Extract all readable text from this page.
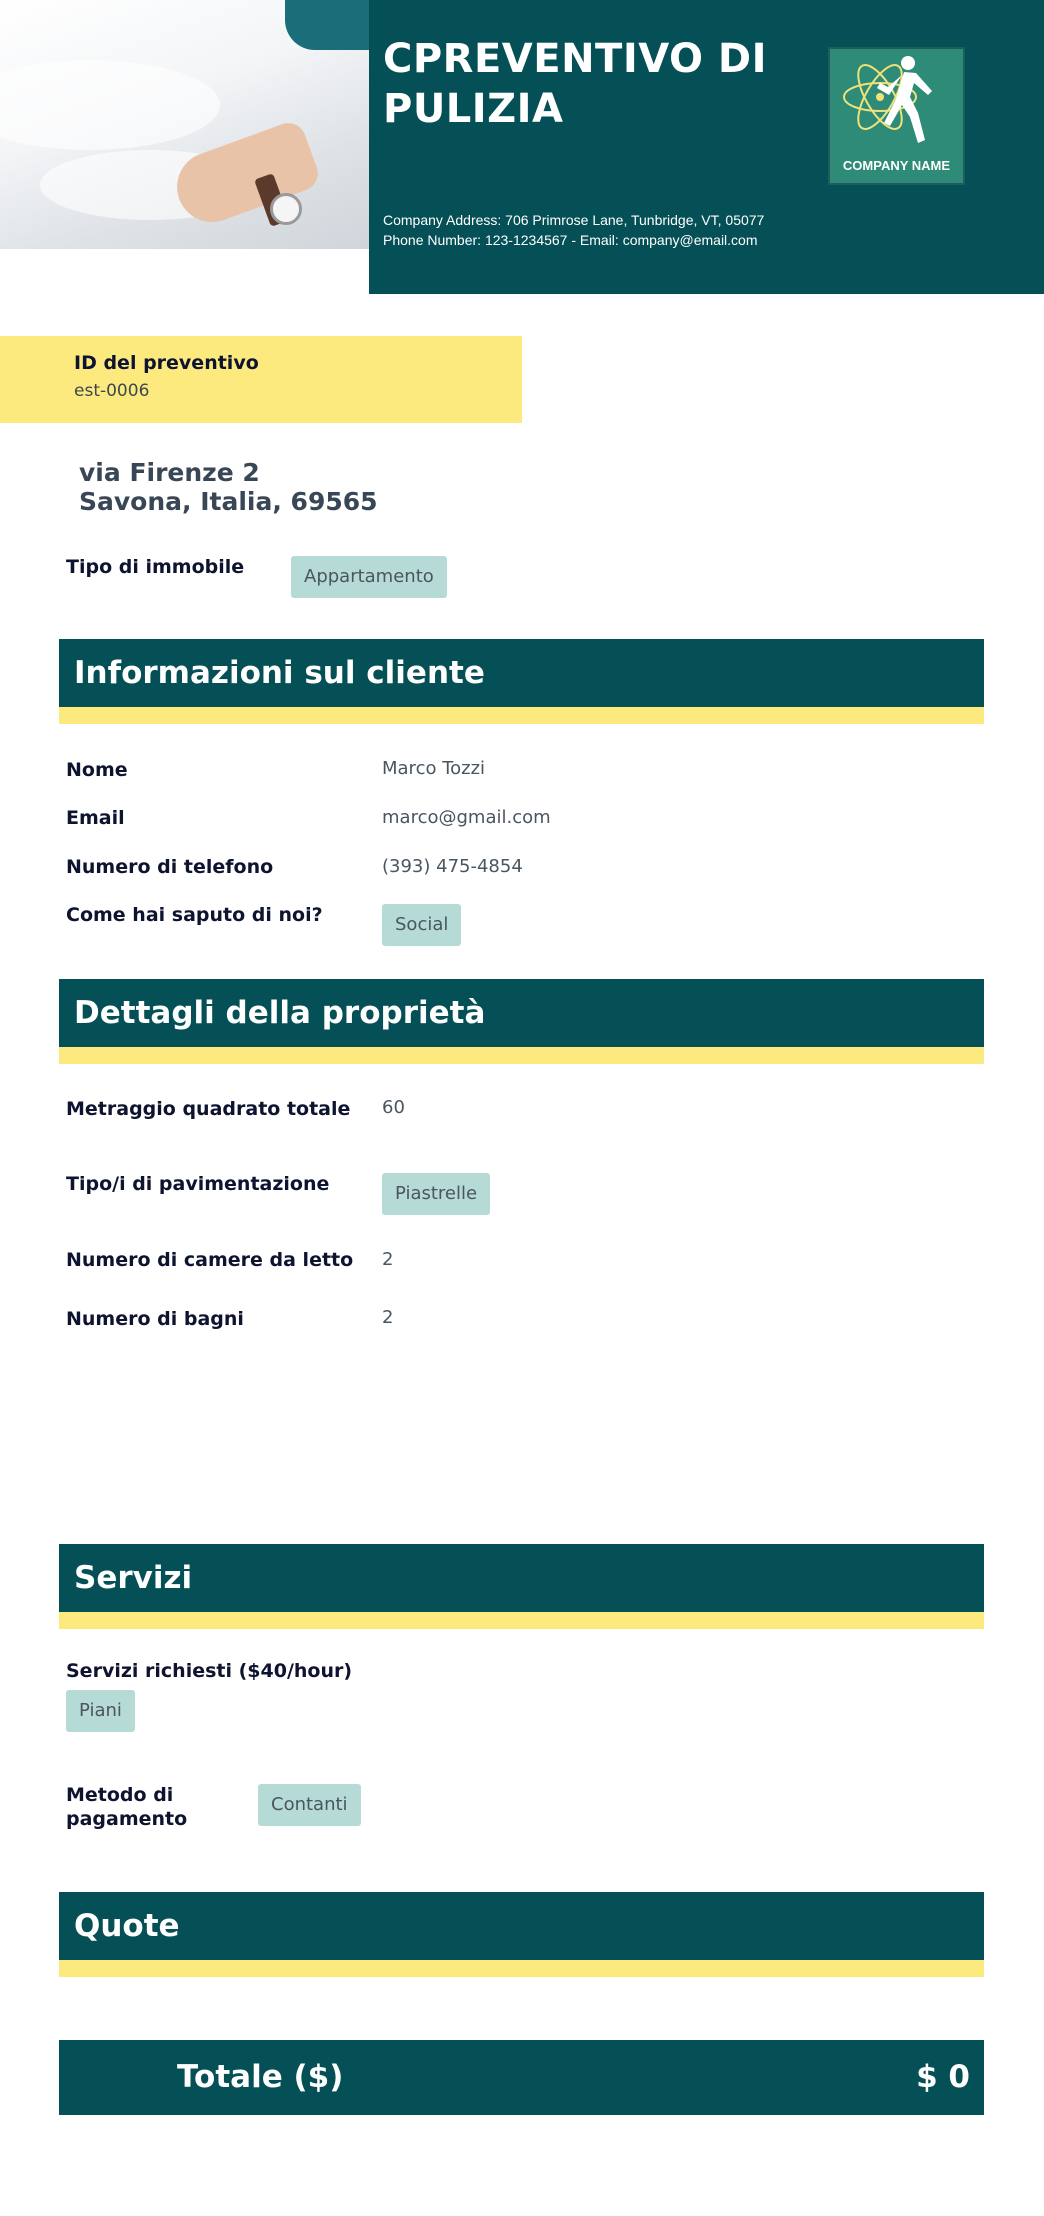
CPREVENTIVO DI PULIZIA
COMPANY NAME
Company Address: 706 Primrose Lane, Tunbridge, VT, 05077
Phone Number: 123-1234567 - Email: company@email.com
ID del preventivo
est-0006
via Firenze 2
Savona, Italia, 69565
Tipo di immobile	Appartamento
Informazioni sul cliente
Nome	Marco Tozzi
Email	marco@gmail.com
Numero di telefono	(393) 475-4854
Come hai saputo di noi?	Social
Dettagli della proprietà
Metraggio quadrato totale 60
Tipo/i di pavimentazione	Piastrelle
Numero di camere da letto 2
Numero di bagni	2
Servizi
Servizi richiesti ($40/hour)
Piani
Metodo di pagamento
Contanti
Quote
Totale ($)	$ 0
